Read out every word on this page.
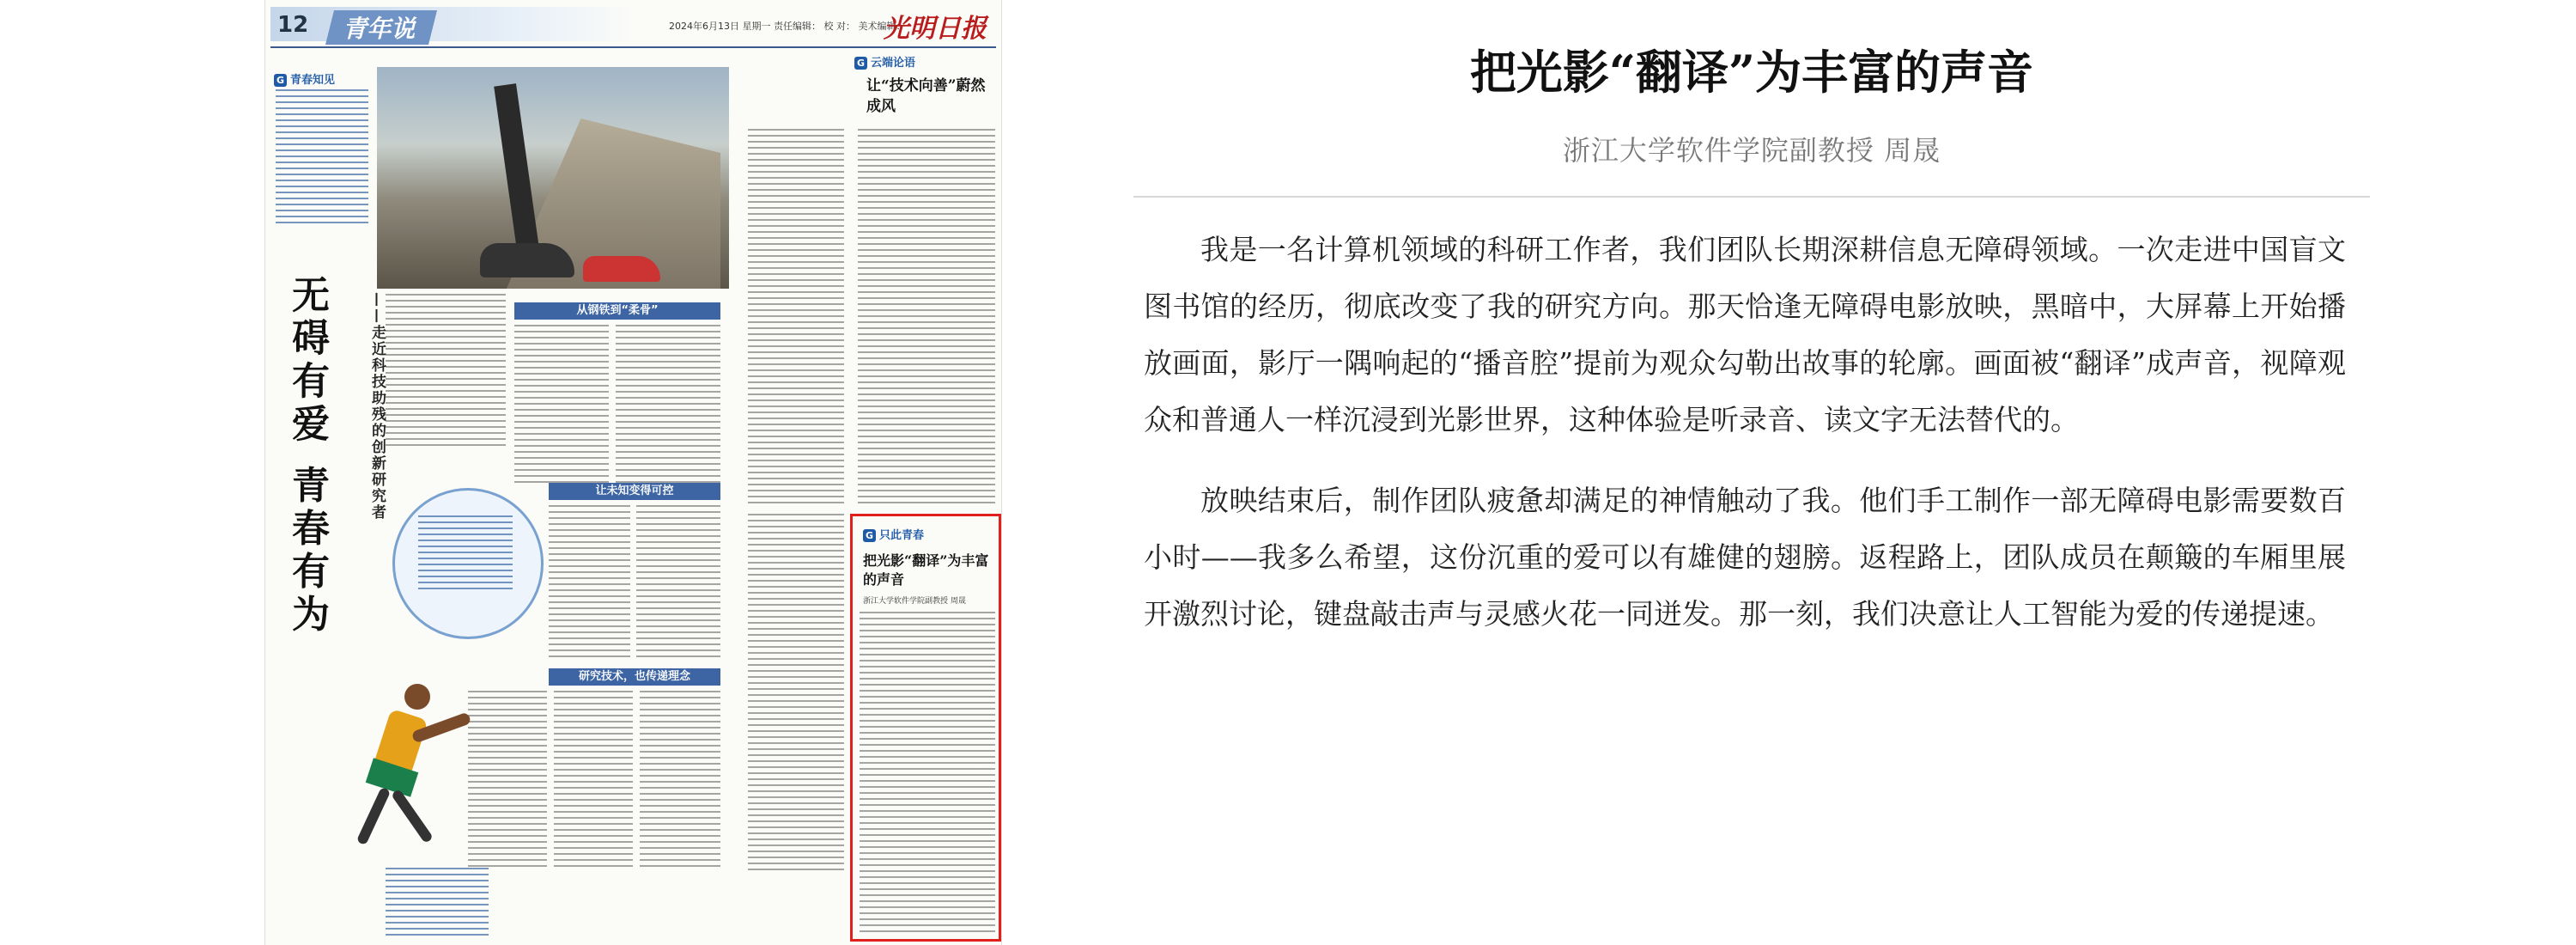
12	青年说	2024年6月13日 星期一 责任编辑： 校 对： 美术编辑：
光明日报
G 青春知见
无碍有爱 青春有为	——走近科技助残的创新研究者	从钢铁到“柔骨”
让未知变得可控
研究技术，也传递理念
G 云端论语
让“技术向善”蔚然成风
G 只此青春
把光影“翻译”为丰富的声音
浙江大学软件学院副教授 周晟
把光影“翻译”为丰富的声音
浙江大学软件学院副教授 周晟

我是一名计算机领域的科研工作者，我们团队长期深耕信息无障碍领域。一次走进中国盲文图书馆的经历，彻底改变了我的研究方向。那天恰逢无障碍电影放映，黑暗中，大屏幕上开始播放画面，影厅一隅响起的“播音腔”提前为观众勾勒出故事的轮廓。画面被“翻译”成声音，视障观众和普通人一样沉浸到光影世界，这种体验是听录音、读文字无法替代的。

放映结束后，制作团队疲惫却满足的神情触动了我。他们手工制作一部无障碍电影需要数百小时——我多么希望，这份沉重的爱可以有雄健的翅膀。返程路上，团队成员在颠簸的车厢里展开激烈讨论，键盘敲击声与灵感火花一同迸发。那一刻，我们决意让人工智能为爱的传递提速。
